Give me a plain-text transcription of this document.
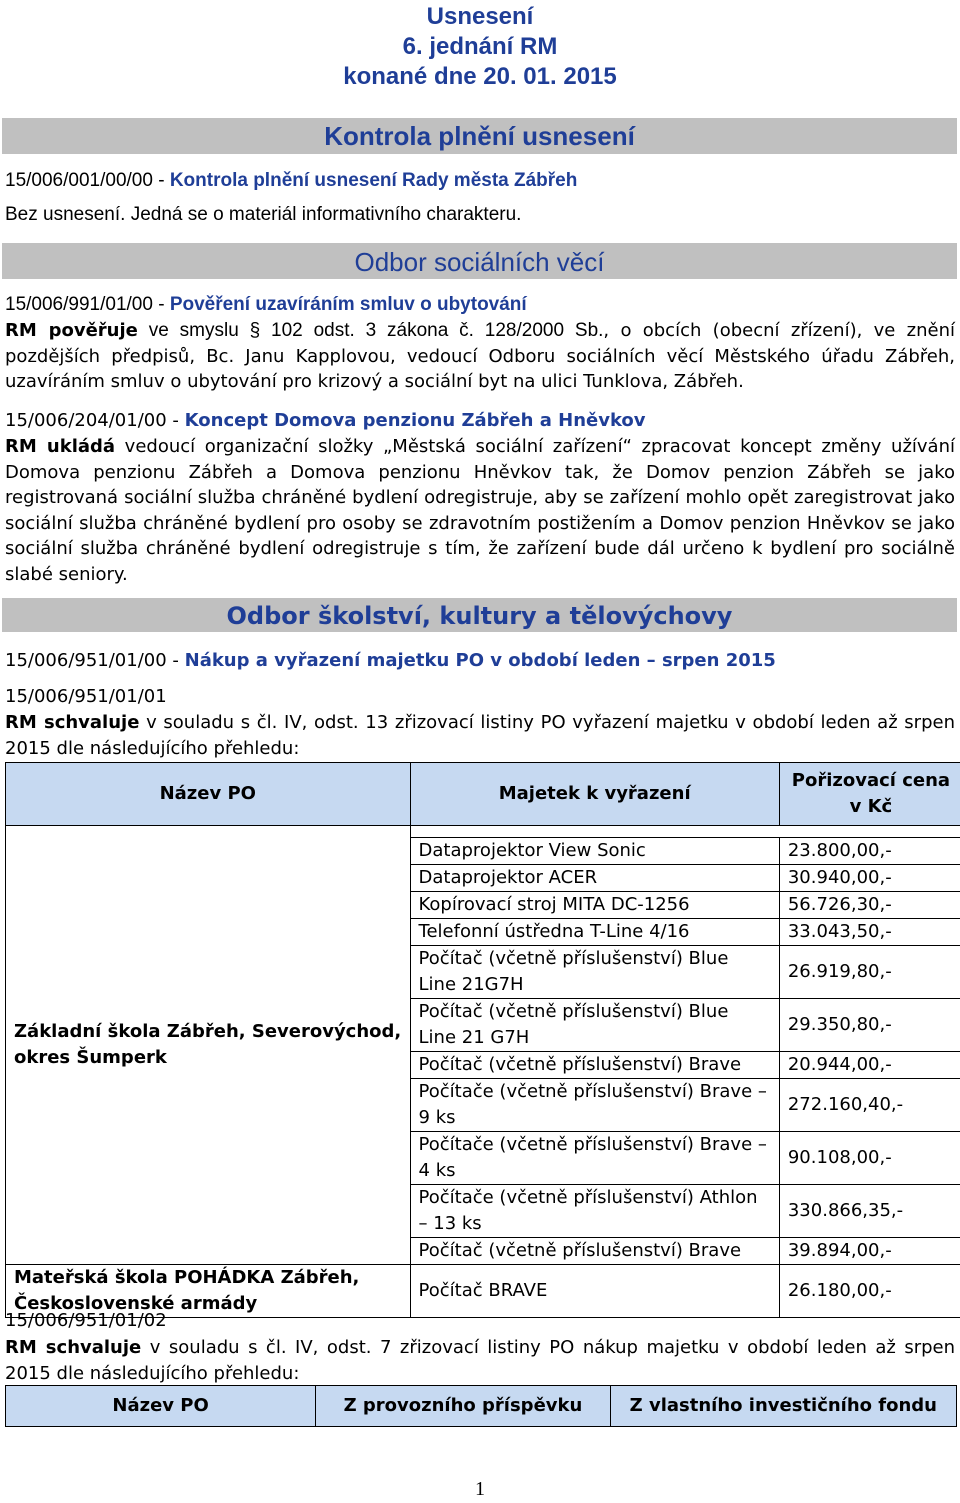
Usnesení
6. jednání RM
konané dne 20. 01. 2015
Kontrola plnění usnesení
15/006/001/00/00 - Kontrola plnění usnesení Rady města Zábřeh
Bez usnesení. Jedná se o materiál informativního charakteru.
Odbor sociálních věcí
15/006/991/01/00 - Pověření uzavíráním smluv o ubytování
RM pověřuje ve smyslu § 102 odst. 3 zákona č. 128/2000 Sb., o obcích (obecní zřízení), ve znění pozdějších předpisů, Bc. Janu Kapplovou, vedoucí Odboru sociálních věcí Městského úřadu Zábřeh, uzavíráním smluv o ubytování pro krizový a sociální byt na ulici Tunklova, Zábřeh.
15/006/204/01/00 - Koncept Domova penzionu Zábřeh a Hněvkov
RM ukládá vedoucí organizační složky „Městská sociální zařízení“ zpracovat koncept změny užívání Domova penzionu Zábřeh a Domova penzionu Hněvkov tak, že Domov penzion Zábřeh se jako registrovaná sociální služba chráněné bydlení odregistruje, aby se zařízení mohlo opět zaregistrovat jako sociální služba chráněné bydlení pro osoby se zdravotním postižením a Domov penzion Hněvkov se jako sociální služba chráněné bydlení odregistruje s tím, že zařízení bude dál určeno k bydlení pro sociálně slabé seniory.
Odbor školství, kultury a tělovýchovy
15/006/951/01/00 - Nákup a vyřazení majetku PO v období leden – srpen 2015
15/006/951/01/01
RM schvaluje v souladu s čl. IV, odst. 13 zřizovací listiny PO vyřazení majetku v období leden až srpen 2015 dle následujícího přehledu:
Název PO	Majetek k vyřazení	Pořizovací cena v Kč
Základní škola Zábřeh, Severovýchod, okres Šumperk		
	Dataprojektor View Sonic	23.800,00,-
	Dataprojektor ACER	30.940,00,-
	Kopírovací stroj MITA DC-1256	56.726,30,-
	Telefonní ústředna T-Line 4/16	33.043,50,-
	Počítač (včetně příslušenství) Blue Line 21G7H	26.919,80,-
	Počítač (včetně příslušenství) Blue Line 21 G7H	29.350,80,-
	Počítač (včetně příslušenství) Brave	20.944,00,-
	Počítače (včetně příslušenství) Brave – 9 ks	272.160,40,-
	Počítače (včetně příslušenství) Brave – 4 ks	90.108,00,-
	Počítače (včetně příslušenství) Athlon – 13 ks	330.866,35,-
	Počítač (včetně příslušenství) Brave	39.894,00,-
Mateřská škola POHÁDKA Zábřeh, Československé armády	Počítač BRAVE	26.180,00,-
15/006/951/01/02
RM schvaluje v souladu s čl. IV, odst. 7 zřizovací listiny PO nákup majetku v období leden až srpen 2015 dle následujícího přehledu:
Název PO	Z provozního příspěvku	Z vlastního investičního fondu
1
